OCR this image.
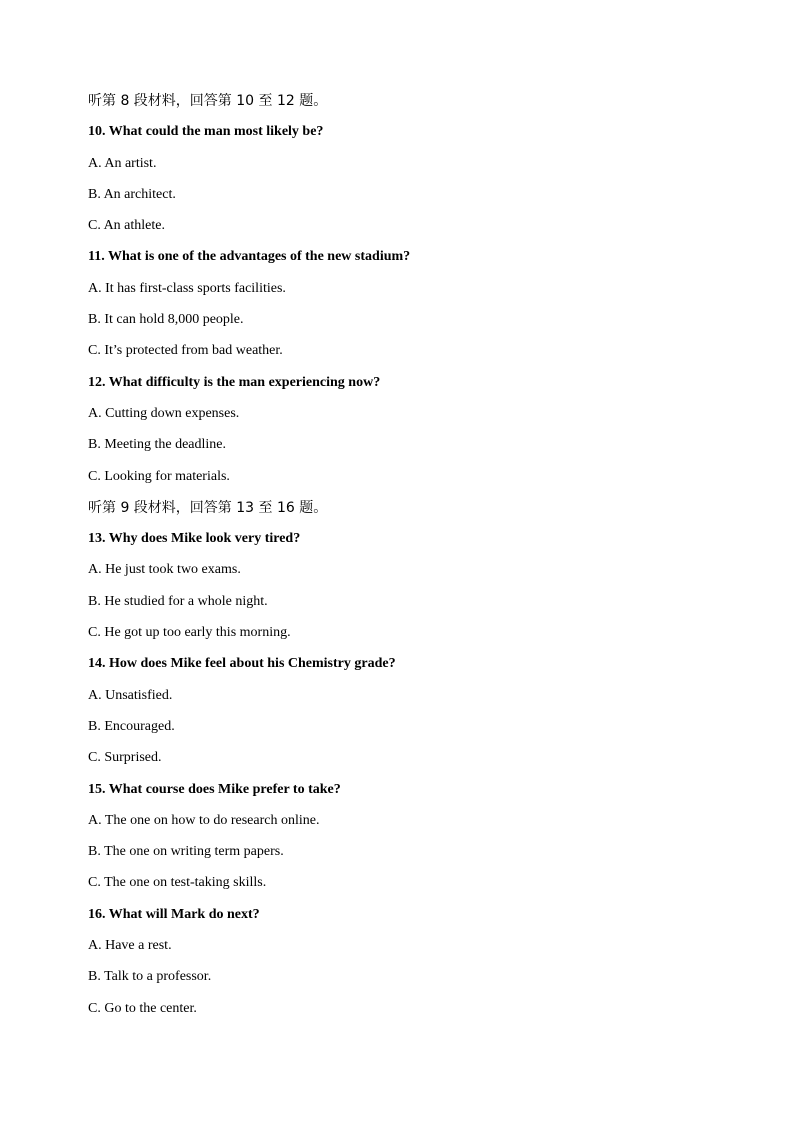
听第 8 段材料，回答第 10 至 12 题。
10. What could the man most likely be?
A. An artist.
B. An architect.
C. An athlete.
11. What is one of the advantages of the new stadium?
A. It has first-class sports facilities.
B. It can hold 8,000 people.
C. It’s protected from bad weather.
12. What difficulty is the man experiencing now?
A. Cutting down expenses.
B. Meeting the deadline.
C. Looking for materials.
听第 9 段材料，回答第 13 至 16 题。
13. Why does Mike look very tired?
A. He just took two exams.
B. He studied for a whole night.
C. He got up too early this morning.
14. How does Mike feel about his Chemistry grade?
A. Unsatisfied.
B. Encouraged.
C. Surprised.
15. What course does Mike prefer to take?
A. The one on how to do research online.
B. The one on writing term papers.
C. The one on test-taking skills.
16. What will Mark do next?
A. Have a rest.
B. Talk to a professor.
C. Go to the center.
